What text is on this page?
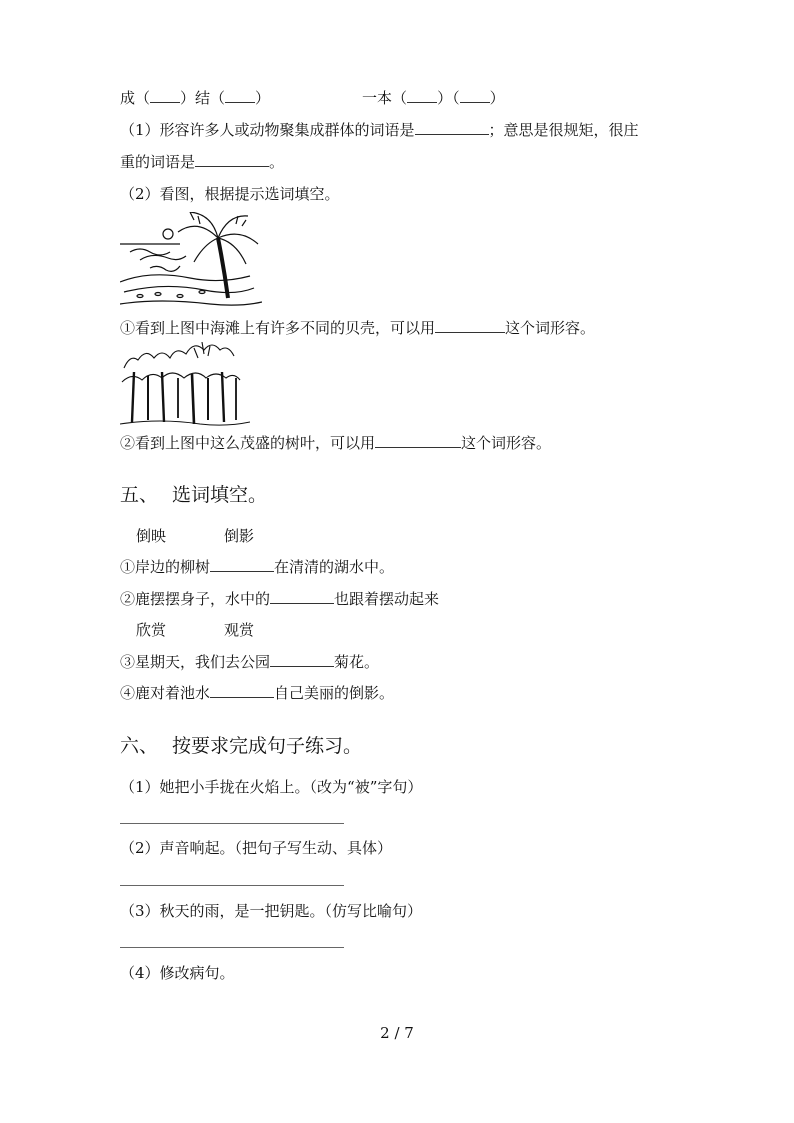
成（ ）结（ ）	一本（ ）（ ）
（1）形容许多人或动物聚集成群体的词语是	；意思是很规矩，很庄
重的词语是	。
（2）看图，根据提示选词填空。
①看到上图中海滩上有许多不同的贝壳，可以用	这个词形容。
②看到上图中这么茂盛的树叶，可以用	这个词形容。
五、 选词填空。
倒映	倒影
①岸边的柳树	在清清的湖水中。
②鹿摆摆身子，水中的	也跟着摆动起来
欣赏	观赏
③星期天，我们去公园	菊花。
④鹿对着池水	自己美丽的倒影。
六、 按要求完成句子练习。
（1）她把小手拢在火焰上。（改为“被”字句）
（2）声音响起。（把句子写生动、具体）
（3）秋天的雨，是一把钥匙。（仿写比喻句）
（4）修改病句。
2 / 7
